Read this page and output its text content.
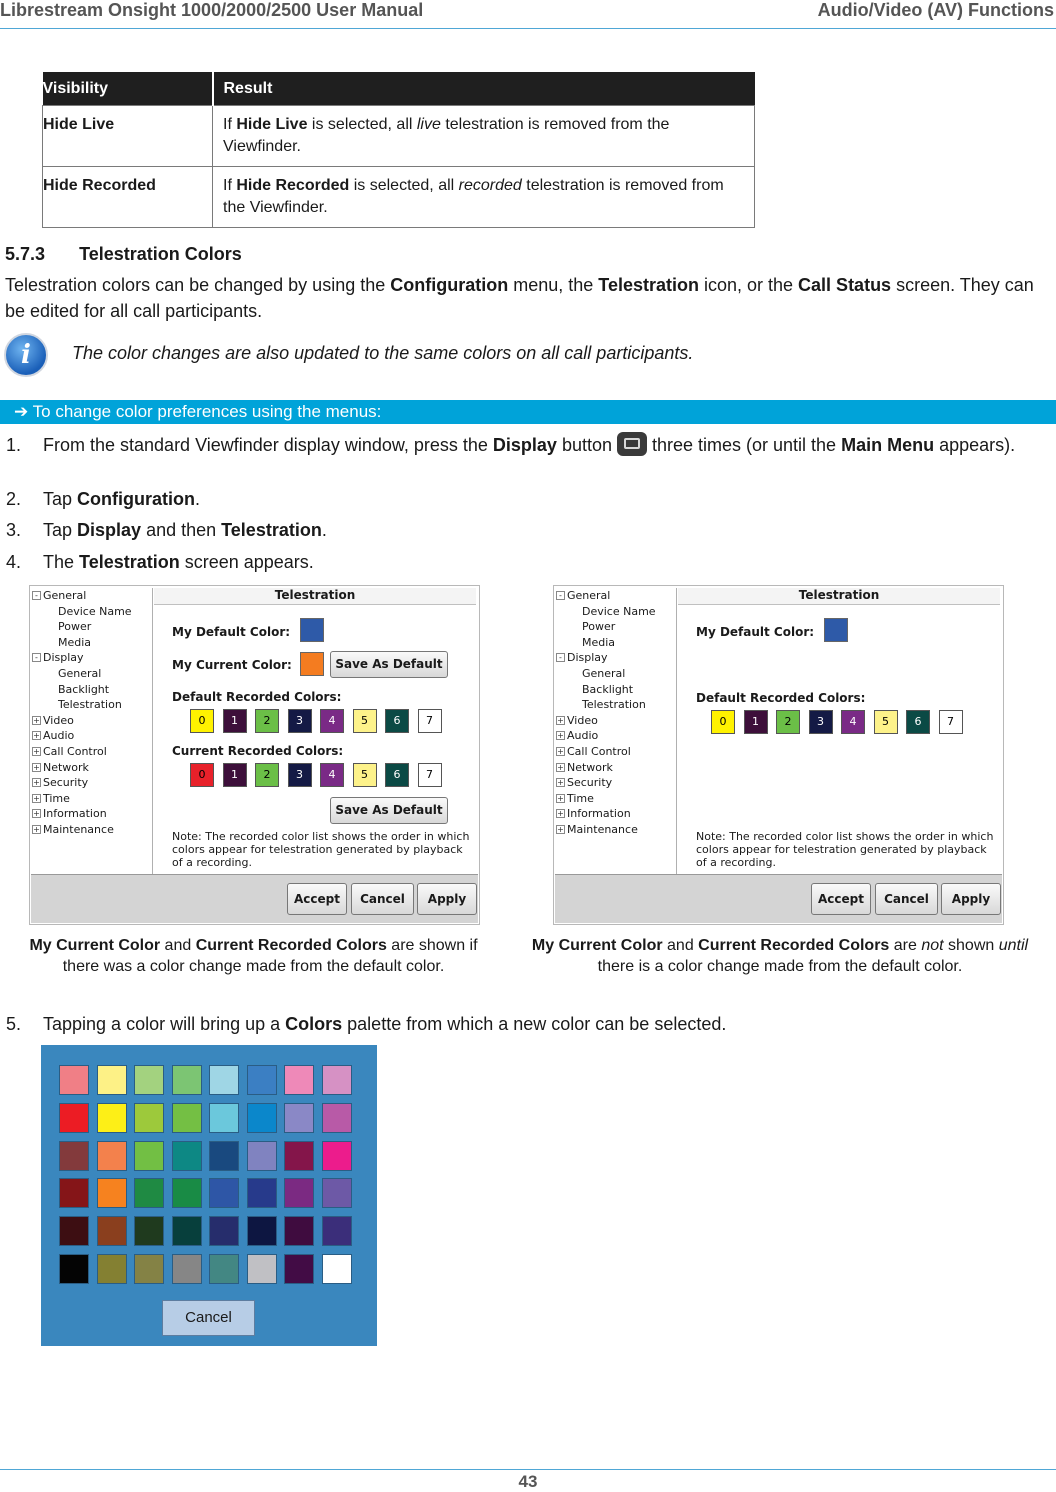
Librestream Onsight 1000/2000/2500 User Manual	Audio/Video (AV) Functions
Visibility	Result
Hide Live	If Hide Live is selected, all live telestration is removed from the Viewfinder.
Hide Recorded	If Hide Recorded is selected, all recorded telestration is removed from the Viewfinder.
5.7.3 Telestration Colors
Telestration colors can be changed by using the Configuration menu, the Telestration icon, or the Call Status screen. They can be edited for all call participants.
i	The color changes are also updated to the same colors on all call participants.
➔ To change color preferences using the menus:
1.	From the standard Viewfinder display window, press the Display button
three times (or until the Main Menu appears).
2.	Tap Configuration.
3.	Tap Display and then Telestration.
4.	The Telestration screen appears.
- General
Device Name
Power
Media
- Display
General
Backlight
Telestration
+ Video
+ Audio
+ Call Control
+ Network
+ Security
+ Time
+ Information
+ Maintenance
Telestration
My Default Color:
My Current Color:	Save As Default
Default Recorded Colors:
0	1	2	3	4	5	6	7
Current Recorded Colors:
0	1	2	3	4	5	6	7
Save As Default
Note: The recorded color list shows the order in which colors appear for telestration generated by playback of a recording.
Accept	Cancel	Apply
- General
Device Name
Power
Media
- Display
General
Backlight
Telestration
+ Video
+ Audio
+ Call Control
+ Network
+ Security
+ Time
+ Information
+ Maintenance
Telestration
My Default Color:
Default Recorded Colors:
0	1	2	3	4	5	6	7
Note: The recorded color list shows the order in which colors appear for telestration generated by playback of a recording.
Accept	Cancel	Apply
My Current Color and Current Recorded Colors are shown if there was a color change made from the default color.
My Current Color and Current Recorded Colors are not shown until there is a color change made from the default color.
5.	Tapping a color will bring up a Colors palette from which a new color can be selected.
Cancel
43
